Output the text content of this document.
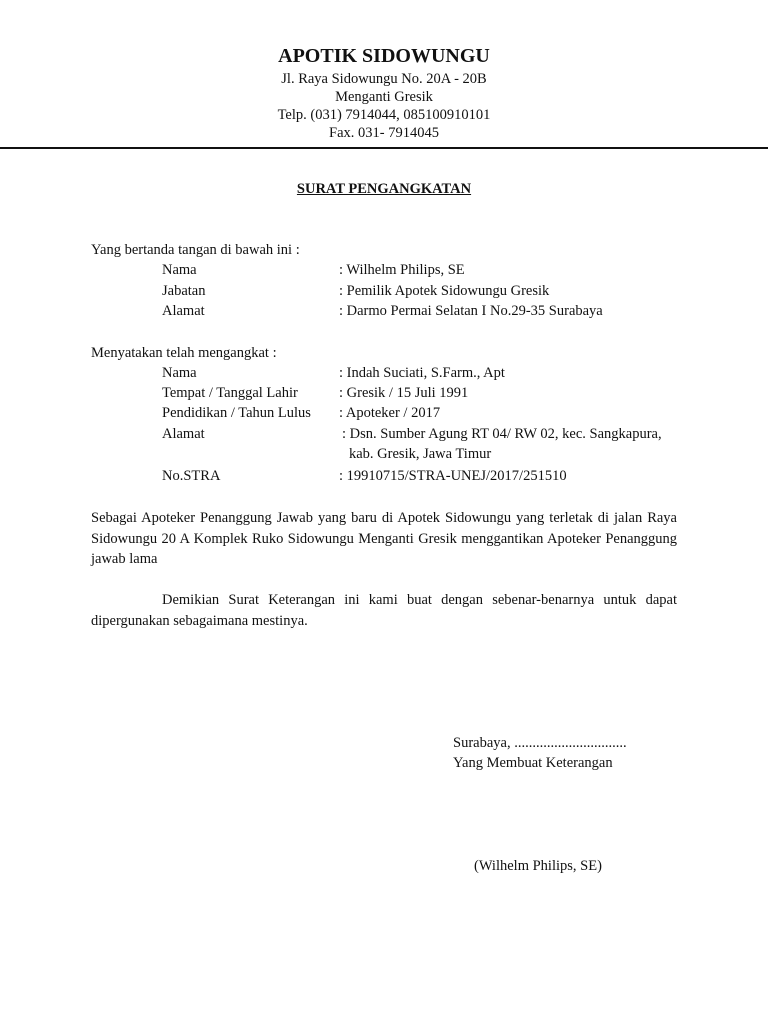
APOTIK SIDOWUNGU
Jl. Raya Sidowungu No. 20A - 20B
Menganti Gresik
Telp. (031) 7914044, 085100910101
Fax. 031- 7914045
SURAT PENGANGKATAN
Yang bertanda tangan di bawah ini :
Nama	: Wilhelm Philips, SE
Jabatan	: Pemilik Apotek Sidowungu Gresik
Alamat	: Darmo Permai Selatan I No.29-35 Surabaya
Menyatakan telah mengangkat :
Nama	: Indah Suciati, S.Farm., Apt
Tempat / Tanggal Lahir	: Gresik / 15 Juli 1991
Pendidikan / Tahun Lulus : Apoteker / 2017
Alamat	: Dsn. Sumber Agung RT 04/ RW 02, kec. Sangkapura,
kab. Gresik, Jawa Timur
No.STRA	: 19910715/STRA-UNEJ/2017/251510
Sebagai Apoteker Penanggung Jawab yang baru di Apotek Sidowungu yang terletak di jalan Raya Sidowungu 20 A Komplek Ruko Sidowungu Menganti Gresik menggantikan Apoteker Penanggung jawab lama
Demikian Surat Keterangan ini kami buat dengan sebenar-benarnya untuk dapat dipergunakan sebagaimana mestinya.
Surabaya, ...............................
Yang Membuat Keterangan
(Wilhelm Philips, SE)
